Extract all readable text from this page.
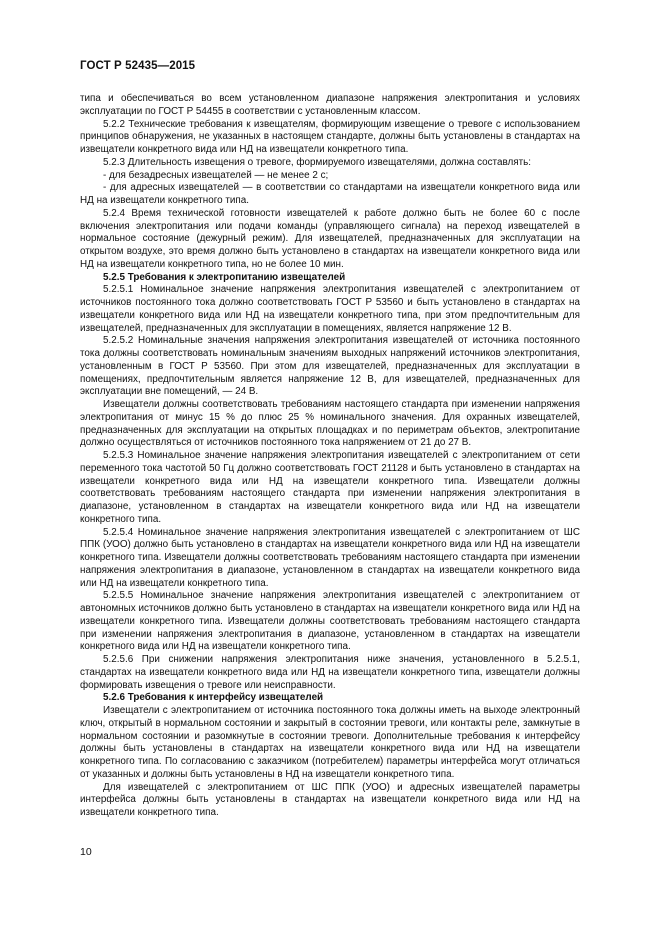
ГОСТ Р 52435—2015

типа и обеспечиваться во всем установленном диапазоне напряжения электропитания и условиях эксплуатации по ГОСТ Р 54455 в соответствии с установленным классом.

5.2.2 Технические требования к извещателям, формирующим извещение о тревоге с использованием принципов обнаружения, не указанных в настоящем стандарте, должны быть установлены в стандартах на извещатели конкретного вида или НД на извещатели конкретного типа.

5.2.3 Длительность извещения о тревоге, формируемого извещателями, должна составлять:

- для безадресных извещателей — не менее 2 с;

- для адресных извещателей — в соответствии со стандартами на извещатели конкретного вида или НД на извещатели конкретного типа.

5.2.4 Время технической готовности извещателей к работе должно быть не более 60 с после включения электропитания или подачи команды (управляющего сигнала) на переход извещателей в нормальное состояние (дежурный режим). Для извещателей, предназначенных для эксплуатации на открытом воздухе, это время должно быть установлено в стандартах на извещатели конкретного вида или НД на извещатели конкретного типа, но не более 10 мин.

5.2.5 Требования к электропитанию извещателей

5.2.5.1 Номинальное значение напряжения электропитания извещателей с электропитанием от источников постоянного тока должно соответствовать ГОСТ Р 53560 и быть установлено в стандартах на извещатели конкретного вида или НД на извещатели конкретного типа, при этом предпочтительным для извещателей, предназначенных для эксплуатации в помещениях, является напряжение 12 В.

5.2.5.2 Номинальные значения напряжения электропитания извещателей от источника постоянного тока должны соответствовать номинальным значениям выходных напряжений источников электропитания, установленным в ГОСТ Р 53560. При этом для извещателей, предназначенных для эксплуатации в помещениях, предпочтительным является напряжение 12 В, для извещателей, предназначенных для эксплуатации вне помещений, — 24 В.

Извещатели должны соответствовать требованиям настоящего стандарта при изменении напряжения электропитания от минус 15 % до плюс 25 % номинального значения. Для охранных извещателей, предназначенных для эксплуатации на открытых площадках и по периметрам объектов, электропитание должно осуществляться от источников постоянного тока напряжением от 21 до 27 В.

5.2.5.3 Номинальное значение напряжения электропитания извещателей с электропитанием от сети переменного тока частотой 50 Гц должно соответствовать ГОСТ 21128 и быть установлено в стандартах на извещатели конкретного вида или НД на извещатели конкретного типа. Извещатели должны соответствовать требованиям настоящего стандарта при изменении напряжения электропитания в диапазоне, установленном в стандартах на извещатели конкретного вида или НД на извещатели конкретного типа.

5.2.5.4 Номинальное значение напряжения электропитания извещателей с электропитанием от ШС ППК (УОО) должно быть установлено в стандартах на извещатели конкретного вида или НД на извещатели конкретного типа. Извещатели должны соответствовать требованиям настоящего стандарта при изменении напряжения электропитания в диапазоне, установленном в стандартах на извещатели конкретного вида или НД на извещатели конкретного типа.

5.2.5.5 Номинальное значение напряжения электропитания извещателей с электропитанием от автономных источников должно быть установлено в стандартах на извещатели конкретного вида или НД на извещатели конкретного типа. Извещатели должны соответствовать требованиям настоящего стандарта при изменении напряжения электропитания в диапазоне, установленном в стандартах на извещатели конкретного вида или НД на извещатели конкретного типа.

5.2.5.6 При снижении напряжения электропитания ниже значения, установленного в 5.2.5.1, стандартах на извещатели конкретного вида или НД на извещатели конкретного типа, извещатели должны формировать извещения о тревоге или неисправности.

5.2.6 Требования к интерфейсу извещателей

Извещатели с электропитанием от источника постоянного тока должны иметь на выходе электронный ключ, открытый в нормальном состоянии и закрытый в состоянии тревоги, или контакты реле, замкнутые в нормальном состоянии и разомкнутые в состоянии тревоги. Дополнительные требования к интерфейсу должны быть установлены в стандартах на извещатели конкретного вида или НД на извещатели конкретного типа. По согласованию с заказчиком (потребителем) параметры интерфейса могут отличаться от указанных и должны быть установлены в НД на извещатели конкретного типа.

Для извещателей с электропитанием от ШС ППК (УОО) и адресных извещателей параметры интерфейса должны быть установлены в стандартах на извещатели конкретного вида или НД на извещатели конкретного типа.

10
